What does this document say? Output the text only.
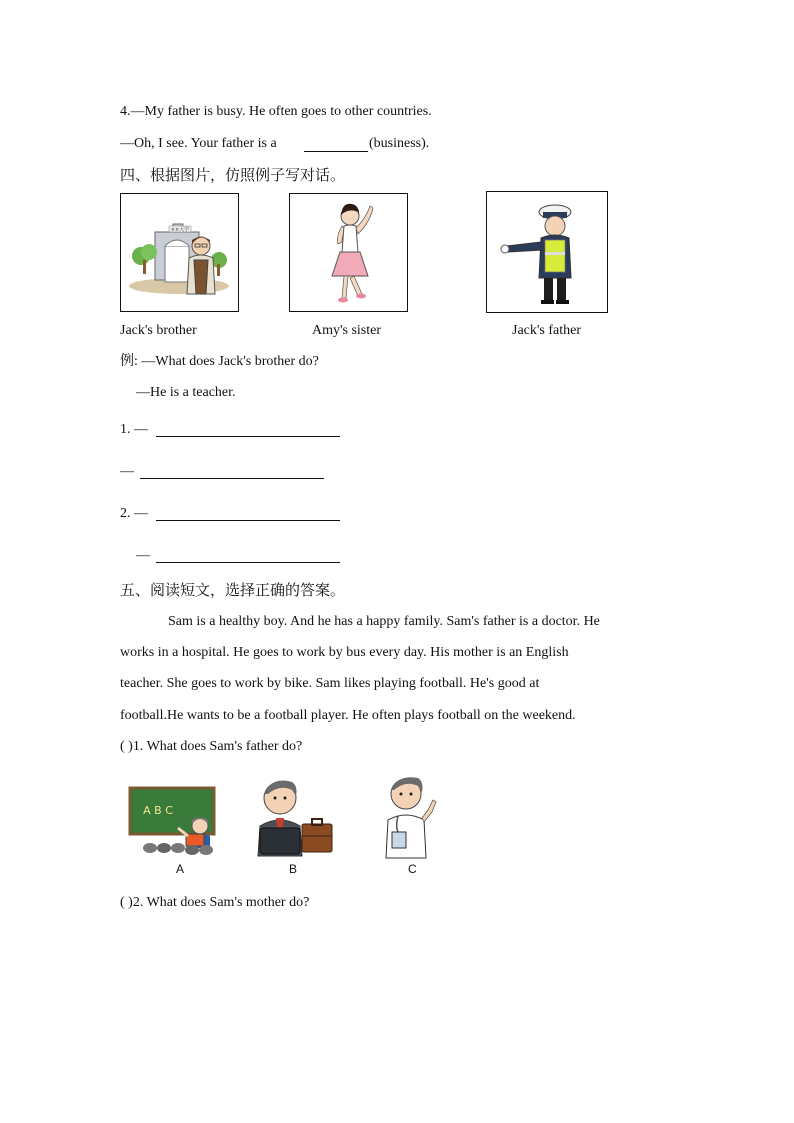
4.—My father is busy. He often goes to other countries.
—Oh, I see. Your father is a	(business).
四、根据图片，仿照例子写对话。
××大学
Jack's brother	Amy's sister	Jack's father
例: —What does Jack's brother do?
—He is a teacher.
1. —
—
2. —
—
五、阅读短文，选择正确的答案。
Sam is a healthy boy. And he has a happy family. Sam's father is a doctor. He
works in a hospital. He goes to work by bus every day. His mother is an English
teacher. She goes to work by bike. Sam likes playing football. He's good at
football.He wants to be a football player. He often plays football on the weekend.
( )1. What does Sam's father do?
A B C
A	B	C
( )2. What does Sam's mother do?
